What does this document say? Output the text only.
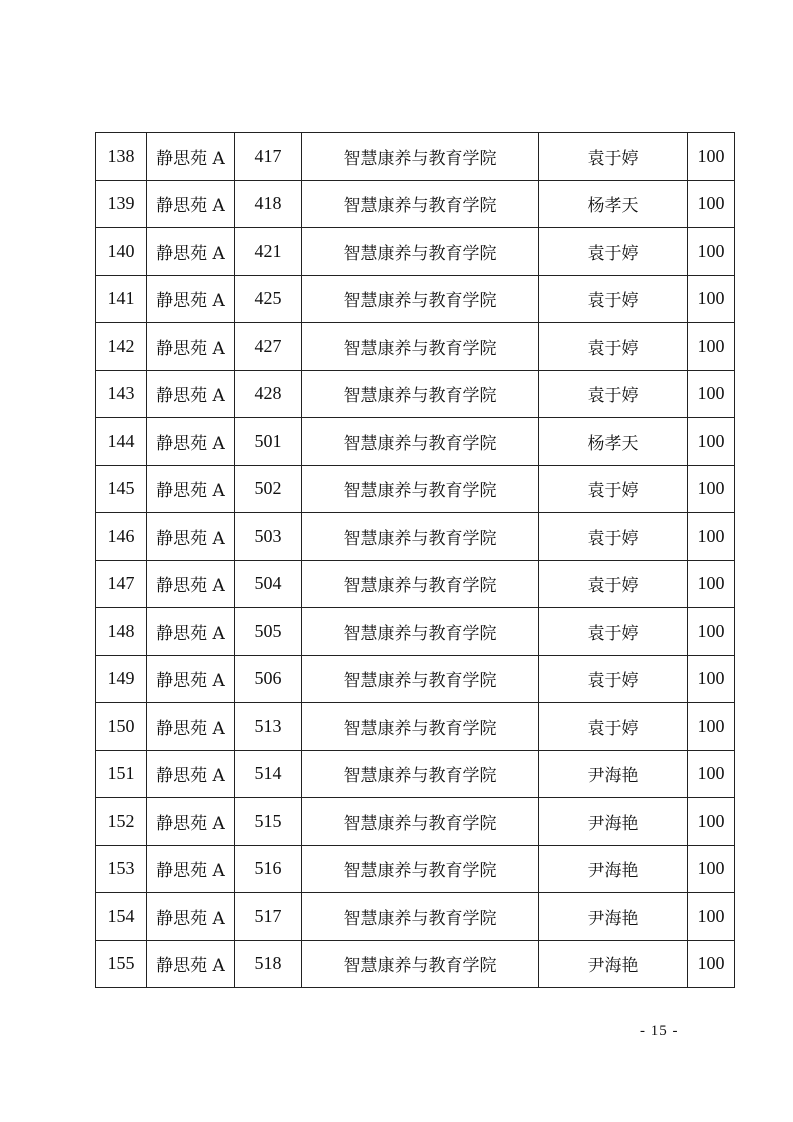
138	静思苑 A	417	智慧康养与教育学院	袁于婷	100
139	静思苑 A	418	智慧康养与教育学院	杨孝天	100
140	静思苑 A	421	智慧康养与教育学院	袁于婷	100
141	静思苑 A	425	智慧康养与教育学院	袁于婷	100
142	静思苑 A	427	智慧康养与教育学院	袁于婷	100
143	静思苑 A	428	智慧康养与教育学院	袁于婷	100
144	静思苑 A	501	智慧康养与教育学院	杨孝天	100
145	静思苑 A	502	智慧康养与教育学院	袁于婷	100
146	静思苑 A	503	智慧康养与教育学院	袁于婷	100
147	静思苑 A	504	智慧康养与教育学院	袁于婷	100
148	静思苑 A	505	智慧康养与教育学院	袁于婷	100
149	静思苑 A	506	智慧康养与教育学院	袁于婷	100
150	静思苑 A	513	智慧康养与教育学院	袁于婷	100
151	静思苑 A	514	智慧康养与教育学院	尹海艳	100
152	静思苑 A	515	智慧康养与教育学院	尹海艳	100
153	静思苑 A	516	智慧康养与教育学院	尹海艳	100
154	静思苑 A	517	智慧康养与教育学院	尹海艳	100
155	静思苑 A	518	智慧康养与教育学院	尹海艳	100
- 15 -
